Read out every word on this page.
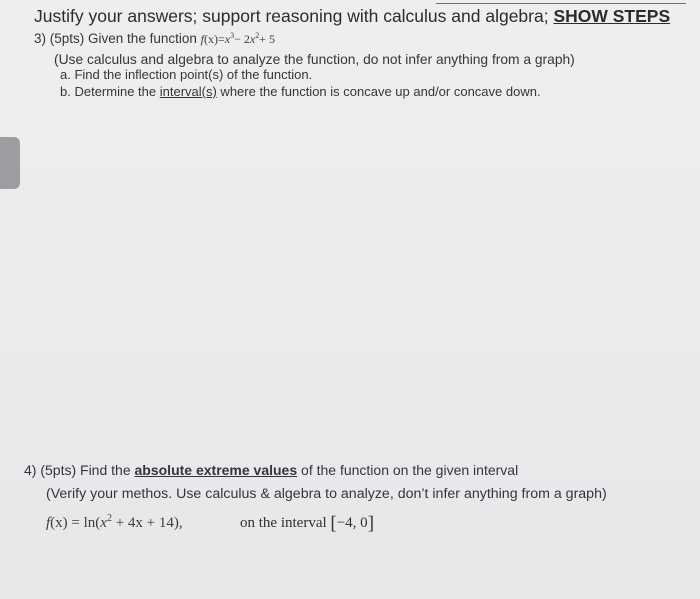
Justify your answers; support reasoning with calculus and algebra; SHOW STEPS
3) (5pts) Given the function $f(x)=x^3- 2x^2+ 5$
(Use calculus and algebra to analyze the function, do not infer anything from a graph)
a. Find the inflection point(s) of the function.
b. Determine the interval(s) where the function is concave up and/or concave down.
4) (5pts) Find the absolute extreme values of the function on the given interval
(Verify your methos. Use calculus & algebra to analyze, don’t infer anything from a graph)
$f(x) = \ln(x^2 + 4x + 14)$,	on the interval [−4, 0]
